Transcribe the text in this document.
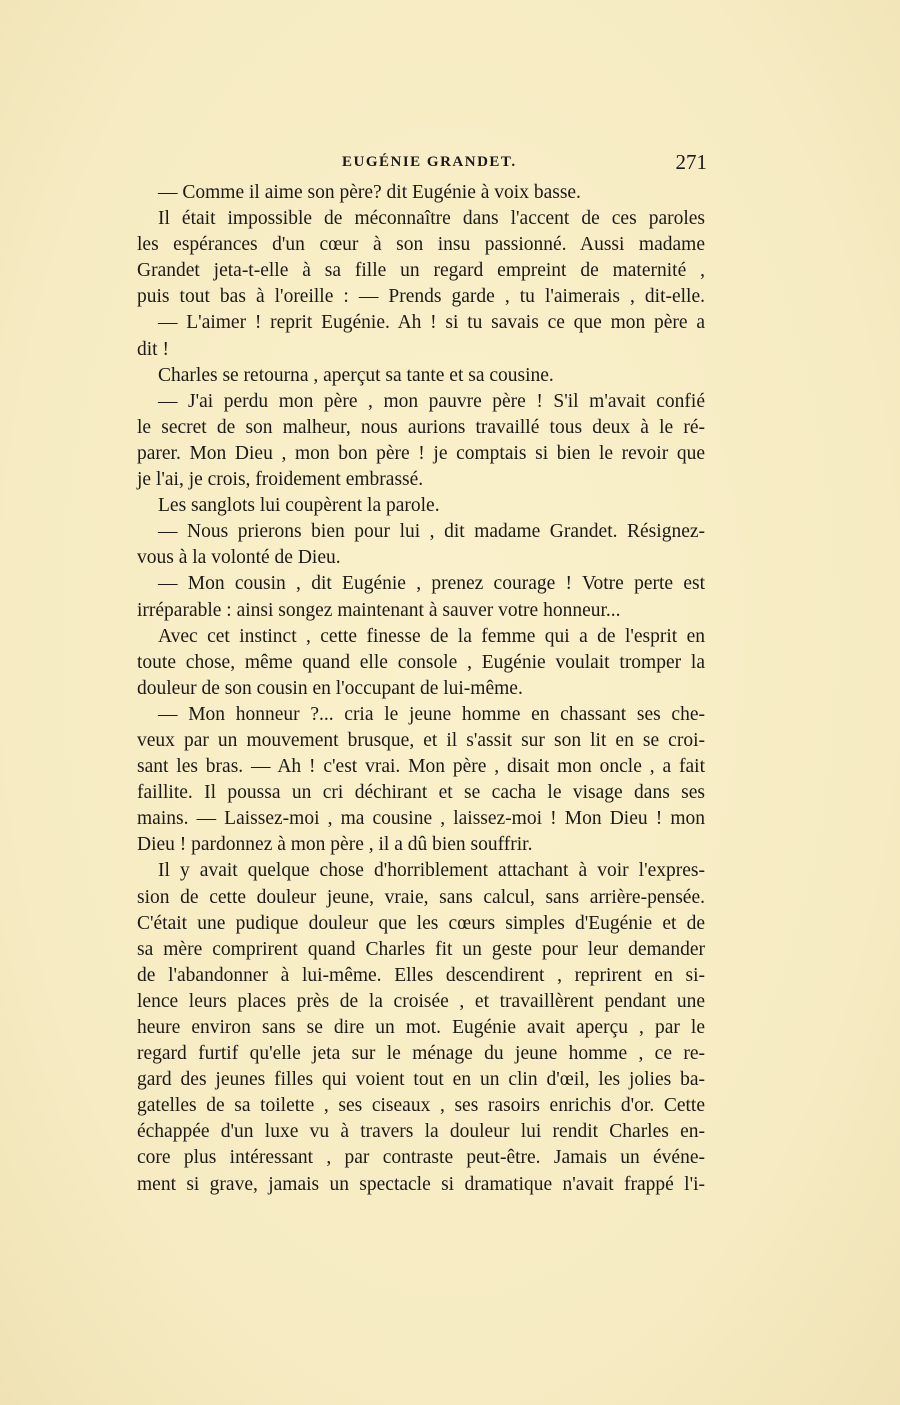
EUGÉNIE GRANDET.	271
— Comme il aime son père? dit Eugénie à voix basse.
Il était impossible de méconnaître dans l'accent de ces paroles
les espérances d'un cœur à son insu passionné. Aussi madame
Grandet jeta-t-elle à sa fille un regard empreint de maternité ,
puis tout bas à l'oreille : — Prends garde , tu l'aimerais , dit-elle.
— L'aimer ! reprit Eugénie. Ah ! si tu savais ce que mon père a
dit !
Charles se retourna , aperçut sa tante et sa cousine.
— J'ai perdu mon père , mon pauvre père ! S'il m'avait confié
le secret de son malheur, nous aurions travaillé tous deux à le ré-
parer. Mon Dieu , mon bon père ! je comptais si bien le revoir que
je l'ai, je crois, froidement embrassé.
Les sanglots lui coupèrent la parole.
— Nous prierons bien pour lui , dit madame Grandet. Résignez-
vous à la volonté de Dieu.
— Mon cousin , dit Eugénie , prenez courage ! Votre perte est
irréparable : ainsi songez maintenant à sauver votre honneur...
Avec cet instinct , cette finesse de la femme qui a de l'esprit en
toute chose, même quand elle console , Eugénie voulait tromper la
douleur de son cousin en l'occupant de lui-même.
— Mon honneur ?... cria le jeune homme en chassant ses che-
veux par un mouvement brusque, et il s'assit sur son lit en se croi-
sant les bras. — Ah ! c'est vrai. Mon père , disait mon oncle , a fait
faillite. Il poussa un cri déchirant et se cacha le visage dans ses
mains. — Laissez-moi , ma cousine , laissez-moi ! Mon Dieu ! mon
Dieu ! pardonnez à mon père , il a dû bien souffrir.
Il y avait quelque chose d'horriblement attachant à voir l'expres-
sion de cette douleur jeune, vraie, sans calcul, sans arrière-pensée.
C'était une pudique douleur que les cœurs simples d'Eugénie et de
sa mère comprirent quand Charles fit un geste pour leur demander
de l'abandonner à lui-même. Elles descendirent , reprirent en si-
lence leurs places près de la croisée , et travaillèrent pendant une
heure environ sans se dire un mot. Eugénie avait aperçu , par le
regard furtif qu'elle jeta sur le ménage du jeune homme , ce re-
gard des jeunes filles qui voient tout en un clin d'œil, les jolies ba-
gatelles de sa toilette , ses ciseaux , ses rasoirs enrichis d'or. Cette
échappée d'un luxe vu à travers la douleur lui rendit Charles en-
core plus intéressant , par contraste peut-être. Jamais un événe-
ment si grave, jamais un spectacle si dramatique n'avait frappé l'i-
